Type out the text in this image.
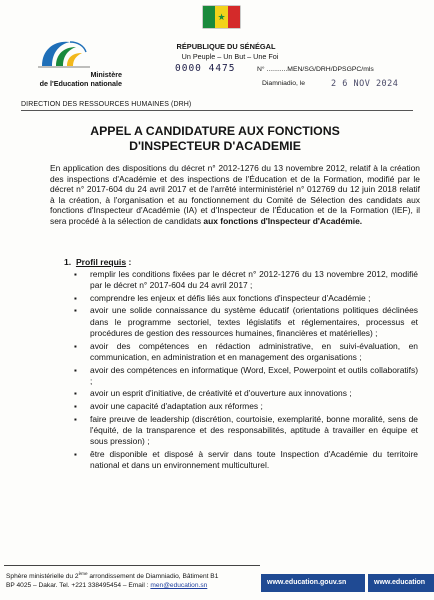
★
Ministère
de l'Education nationale
RÉPUBLIQUE DU SÉNÉGAL
Un Peuple – Un But – Une Foi
0000 4475	N° ...........MEN/SG/DRH/DPSGPC/mls
Diamniadio, le	2 6 NOV 2024
DIRECTION DES RESSOURCES HUMAINES (DRH)
APPEL A CANDIDATURE AUX FONCTIONS
D'INSPECTEUR D'ACADEMIE

En application des dispositions du décret n° 2012-1276 du 13 novembre 2012, relatif à la création des inspections d'Académie et des inspections de l'Éducation et de la Formation, modifié par le décret n° 2017-604 du 24 avril 2017 et de l'arrêté interministériel n° 012769 du 12 juin 2018 relatif à la création, à l'organisation et au fonctionnement du Comité de Sélection des candidats aux fonctions d'Inspecteur d'Académie (IA) et d'Inspecteur de l'Éducation et de la Formation (IEF), il sera procédé à la sélection de candidats aux fonctions d'Inspecteur d'Académie.

1. Profil requis :
▪ remplir les conditions fixées par le décret n° 2012-1276 du 13 novembre 2012, modifié par le décret n° 2017-604 du 24 avril 2017 ;
▪ comprendre les enjeux et défis liés aux fonctions d'inspecteur d'Académie ;
▪ avoir une solide connaissance du système éducatif (orientations politiques déclinées dans le programme sectoriel, textes législatifs et réglementaires, processus et procédures de gestion des ressources humaines, financières et matérielles) ;
▪ avoir des compétences en rédaction administrative, en suivi-évaluation, en communication, en administration et en management des organisations ;
▪ avoir des compétences en informatique (Word, Excel, Powerpoint et outils collaboratifs) ;
▪ avoir un esprit d'initiative, de créativité et d'ouverture aux innovations ;
▪ avoir une capacité d'adaptation aux réformes ;
▪ faire preuve de leadership (discrétion, courtoisie, exemplarité, bonne moralité, sens de l'équité, de la transparence et des responsabilités, aptitude à travailler en équipe et sous pression) ;
▪ être disponible et disposé à servir dans toute Inspection d'Académie du territoire national et dans un environnement multiculturel.
Sphère ministérielle du 2ème arrondissement de Diamniadio, Bâtiment B1
BP 4025 – Dakar. Tel. +221 338495454 – Email : men@education.sn	www.education.gouv.sn	www.education
